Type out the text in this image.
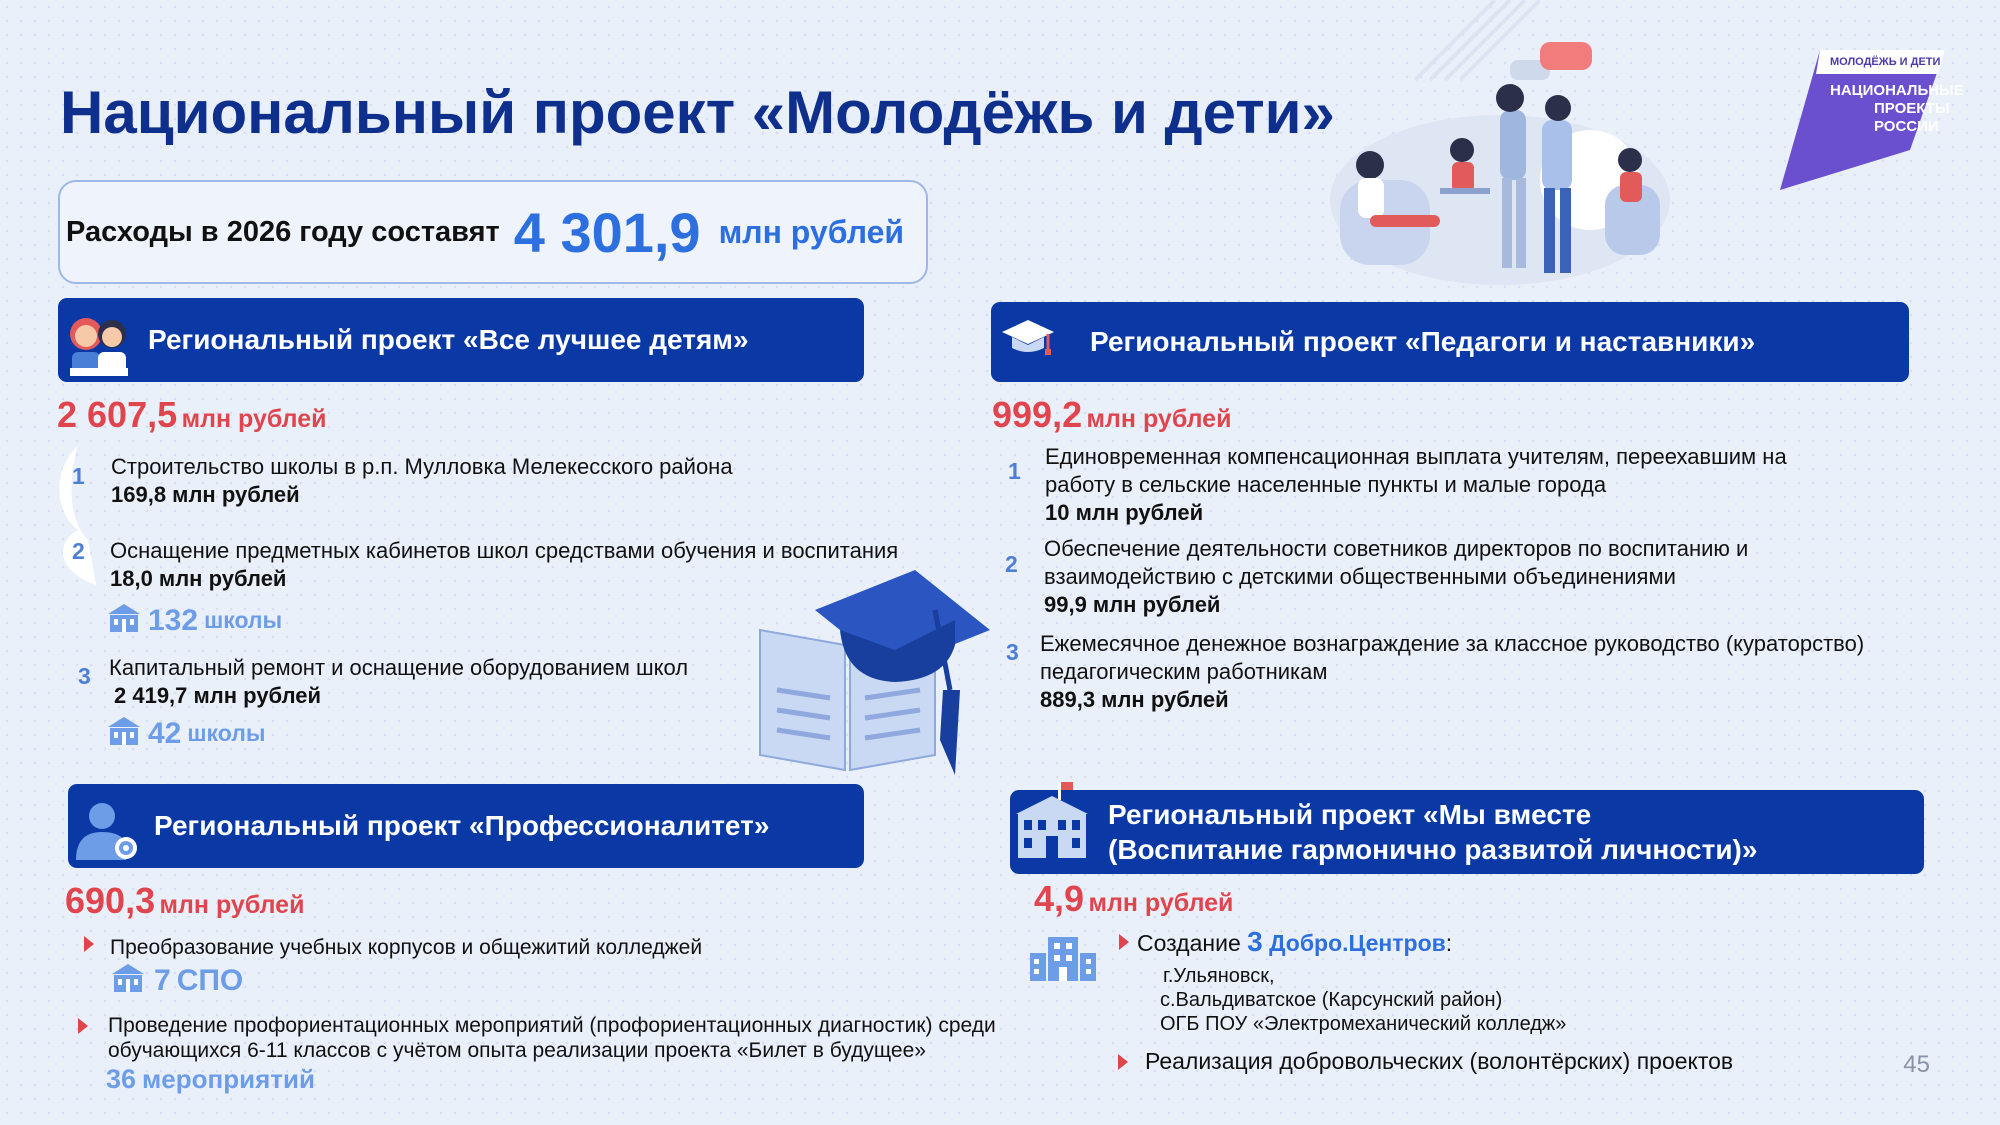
Национальный проект «Молодёжь и дети»
МОЛОДЁЖЬ И ДЕТИ
НАЦИОНАЛЬНЫЕ
ПРОЕКТЫ
РОССИИ
Расходы в 2026 году составят 4 301,9 млн рублей
Региональный проект «Все лучшее детям»
2 607,5 млн рублей
1 Строительство школы в р.п. Мулловка Мелекесского района
169,8 млн рублей
2 Оснащение предметных кабинетов школ средствами обучения и воспитания
18,0 млн рублей
132 школы
3 Капитальный ремонт и оснащение оборудованием школ
2 419,7 млн рублей
42 школы
Региональный проект «Педагоги и наставники»
999,2 млн рублей
1
Единовременная компенсационная выплата учителям, переехавшим на
работу в сельские населенные пункты и малые города
10 млн рублей
2
Обеспечение деятельности советников директоров по воспитанию и
взаимодействию с детскими общественными объединениями
99,9 млн рублей
3 Ежемесячное денежное вознаграждение за классное руководство (кураторство)
педагогическим работникам
889,3 млн рублей
Региональный проект «Профессионалитет»
690,3 млн рублей
Преобразование учебных корпусов и общежитий колледжей
7 СПО
Проведение профориентационных мероприятий (профориентационных диагностик) среди
обучающихся 6-11 классов с учётом опыта реализации проекта «Билет в будущее»
36 мероприятий
Региональный проект «Мы вместе
(Воспитание гармонично развитой личности)»
4,9 млн рублей
Создание 3 Добро.Центров:
г.Ульяновск,
с.Вальдиватское (Карсунский район)
ОГБ ПОУ «Электромеханический колледж»
Реализация добровольческих (волонтёрских) проектов	45
